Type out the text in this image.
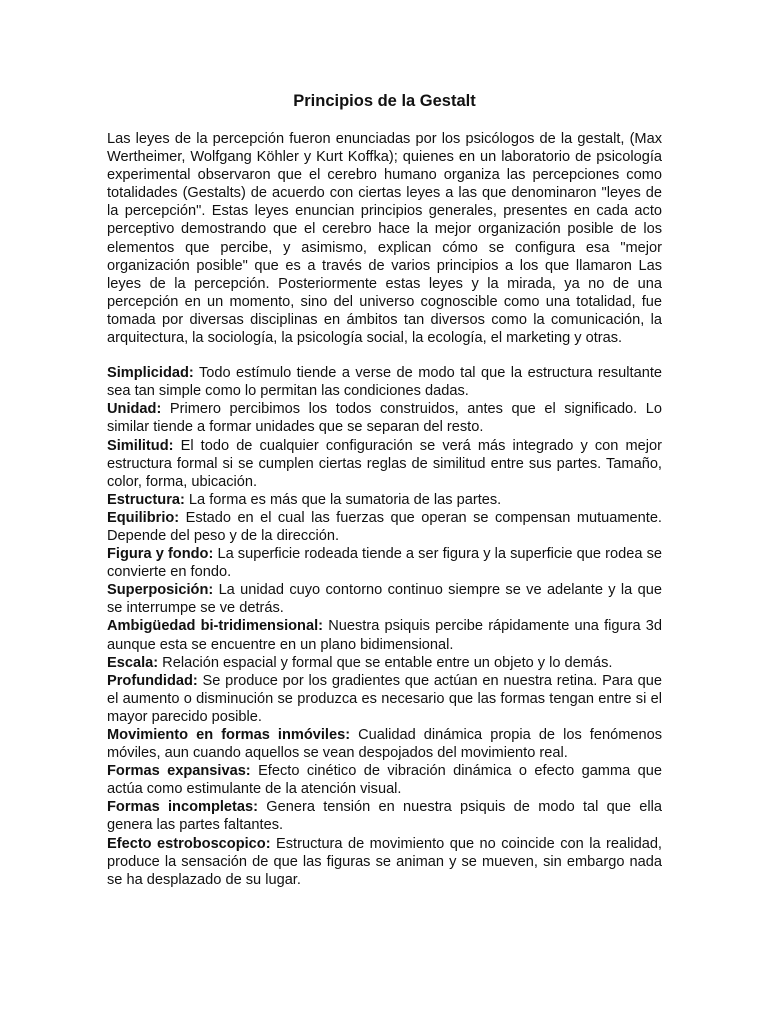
Principios de la Gestalt

Las leyes de la percepción fueron enunciadas por los psicólogos de la gestalt, (Max Wertheimer, Wolfgang Köhler y Kurt Koffka); quienes en un laboratorio de psicología experimental observaron que el cerebro humano organiza las percepciones como totalidades (Gestalts) de acuerdo con ciertas leyes a las que denominaron "leyes de la percepción". Estas leyes enuncian principios generales, presentes en cada acto perceptivo demostrando que el cerebro hace la mejor organización posible de los elementos que percibe, y asimismo, explican cómo se configura esa "mejor organización posible" que es a través de varios principios a los que llamaron Las leyes de la percepción. Posteriormente estas leyes y la mirada, ya no de una percepción en un momento, sino del universo cognoscible como una totalidad, fue tomada por diversas disciplinas en ámbitos tan diversos como la comunicación, la arquitectura, la sociología, la psicología social, la ecología, el marketing y otras.

Simplicidad: Todo estímulo tiende a verse de modo tal que la estructura resultante sea tan simple como lo permitan las condiciones dadas.

Unidad: Primero percibimos los todos construidos, antes que el significado. Lo similar tiende a formar unidades que se separan del resto.

Similitud: El todo de cualquier configuración se verá más integrado y con mejor estructura formal si se cumplen ciertas reglas de similitud entre sus partes. Tamaño, color, forma, ubicación.

Estructura: La forma es más que la sumatoria de las partes.

Equilibrio: Estado en el cual las fuerzas que operan se compensan mutuamente. Depende del peso y de la dirección.

Figura y fondo: La superficie rodeada tiende a ser figura y la superficie que rodea se convierte en fondo.

Superposición: La unidad cuyo contorno continuo siempre se ve adelante y la que se interrumpe se ve detrás.

Ambigüedad bi-tridimensional: Nuestra psiquis percibe rápidamente una figura 3d aunque esta se encuentre en un plano bidimensional.

Escala: Relación espacial y formal que se entable entre un objeto y lo demás.

Profundidad: Se produce por los gradientes que actúan en nuestra retina. Para que el aumento o disminución se produzca es necesario que las formas tengan entre si el mayor parecido posible.

Movimiento en formas inmóviles: Cualidad dinámica propia de los fenómenos móviles, aun cuando aquellos se vean despojados del movimiento real.

Formas expansivas: Efecto cinético de vibración dinámica o efecto gamma que actúa como estimulante de la atención visual.

Formas incompletas: Genera tensión en nuestra psiquis de modo tal que ella genera las partes faltantes.

Efecto estroboscopico: Estructura de movimiento que no coincide con la realidad, produce la sensación de que las figuras se animan y se mueven, sin embargo nada se ha desplazado de su lugar.
